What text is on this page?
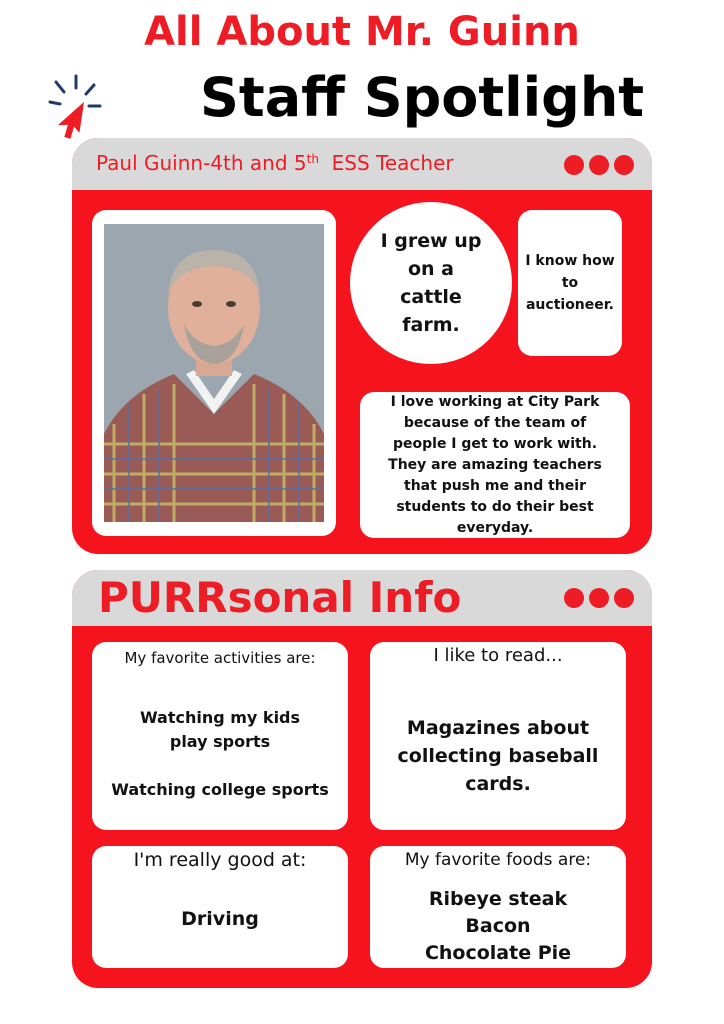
All About Mr. Guinn
Staff Spotlight
Paul Guinn-4th and 5th ESS Teacher
I grew up on a cattle farm.
I know how to auctioneer.
I love working at City Park because of the team of people I get to work with. They are amazing teachers that push me and their students to do their best everyday.
PURRsonal Info
My favorite activities are:
Watching my kids play sports
Watching college sports
I like to read...
Magazines about collecting baseball cards.
I'm really good at:
Driving
My favorite foods are:
Ribeye steak
Bacon
Chocolate Pie
